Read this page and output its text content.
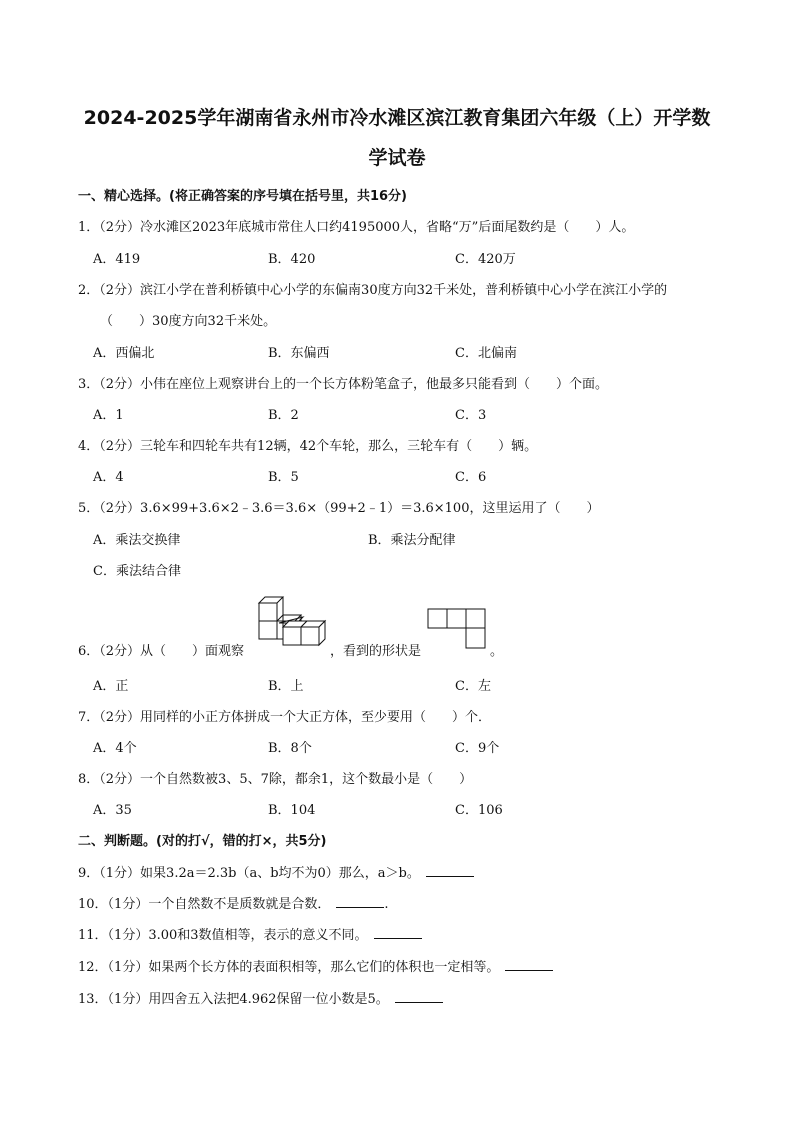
2024-2025学年湖南省永州市冷水滩区滨江教育集团六年级（上）开学数
学试卷
一、精心选择。(将正确答案的序号填在括号里，共16分)
1．（2分）冷水滩区2023年底城市常住人口约4195000人，省略“万”后面尾数约是（　　）人。
A．419	B．420	C．420万
2．（2分）滨江小学在普利桥镇中心小学的东偏南30度方向32千米处，普利桥镇中心小学在滨江小学的
（　　）30度方向32千米处。
A．西偏北	B．东偏西	C．北偏南
3．（2分）小伟在座位上观察讲台上的一个长方体粉笔盒子，他最多只能看到（　　）个面。
A．1	B．2	C．3
4．（2分）三轮车和四轮车共有12辆，42个车轮，那么，三轮车有（　　）辆。
A．4	B．5	C．6
5．（2分）3.6×99+3.6×2﹣3.6＝3.6×（99+2﹣1）＝3.6×100，这里运用了（　　）
A．乘法交换律	B．乘法分配律
C．乘法结合律
6．（2分）从（　　）面观察	，看到的形状是	。
A．正	B．上	C．左
7．（2分）用同样的小正方体拼成一个大正方体，至少要用（　　）个．
A．4个	B．8个	C．9个
8．（2分）一个自然数被3、5、7除，都余1，这个数最小是（　　）
A．35	B．104	C．106
二、判断题。(对的打√，错的打×，共5分)
9．（1分）如果3.2a＝2.3b（a、b均不为0）那么，a＞b。
10．（1分）一个自然数不是质数就是合数．	.
11．（1分）3.00和3数值相等，表示的意义不同。
12．（1分）如果两个长方体的表面积相等，那么它们的体积也一定相等。
13．（1分）用四舍五入法把4.962保留一位小数是5。
